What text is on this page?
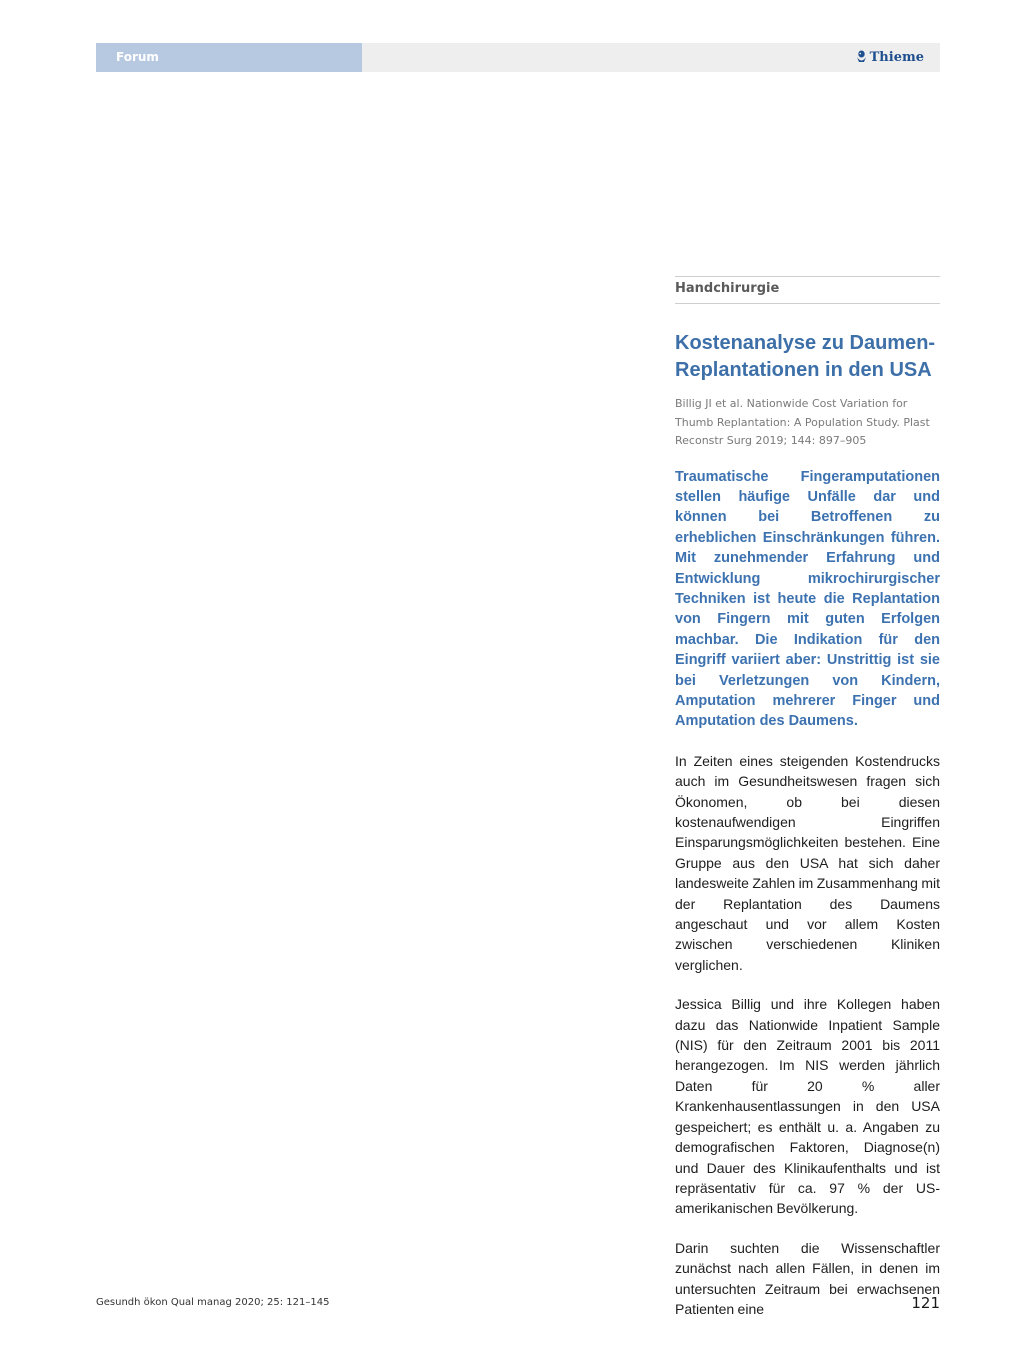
Forum	Thieme
Handchirurgie
Kostenanalyse zu Daumen-Replantationen in den USA
Billig JI et al. Nationwide Cost Variation for Thumb Replantation: A Population Study. Plast Reconstr Surg 2019; 144: 897–905
Traumatische Fingeramputationen stellen häufige Unfälle dar und können bei Betroffenen zu erheblichen Einschränkungen führen. Mit zunehmender Erfahrung und Entwicklung mikrochirurgischer Techniken ist heute die Replantation von Fingern mit guten Erfolgen machbar. Die Indikation für den Eingriff variiert aber: Unstrittig ist sie bei Verletzungen von Kindern, Amputation mehrerer Finger und Amputation des Daumens.
In Zeiten eines steigenden Kostendrucks auch im Gesundheitswesen fragen sich Ökonomen, ob bei diesen kostenaufwendigen Eingriffen Einsparungsmöglichkeiten bestehen. Eine Gruppe aus den USA hat sich daher landesweite Zahlen im Zusammenhang mit der Replantation des Daumens angeschaut und vor allem Kosten zwischen verschiedenen Kliniken verglichen.
Jessica Billig und ihre Kollegen haben dazu das Nationwide Inpatient Sample (NIS) für den Zeitraum 2001 bis 2011 herangezogen. Im NIS werden jährlich Daten für 20 % aller Krankenhausentlassungen in den USA gespeichert; es enthält u. a. Angaben zu demografischen Faktoren, Diagnose(n) und Dauer des Klinikaufenthalts und ist repräsentativ für ca. 97 % der US-amerikanischen Bevölkerung.
Darin suchten die Wissenschaftler zunächst nach allen Fällen, in denen im untersuchten Zeitraum bei erwachsenen Patienten eine
Gesundh ökon Qual manag 2020; 25: 121–145	121
